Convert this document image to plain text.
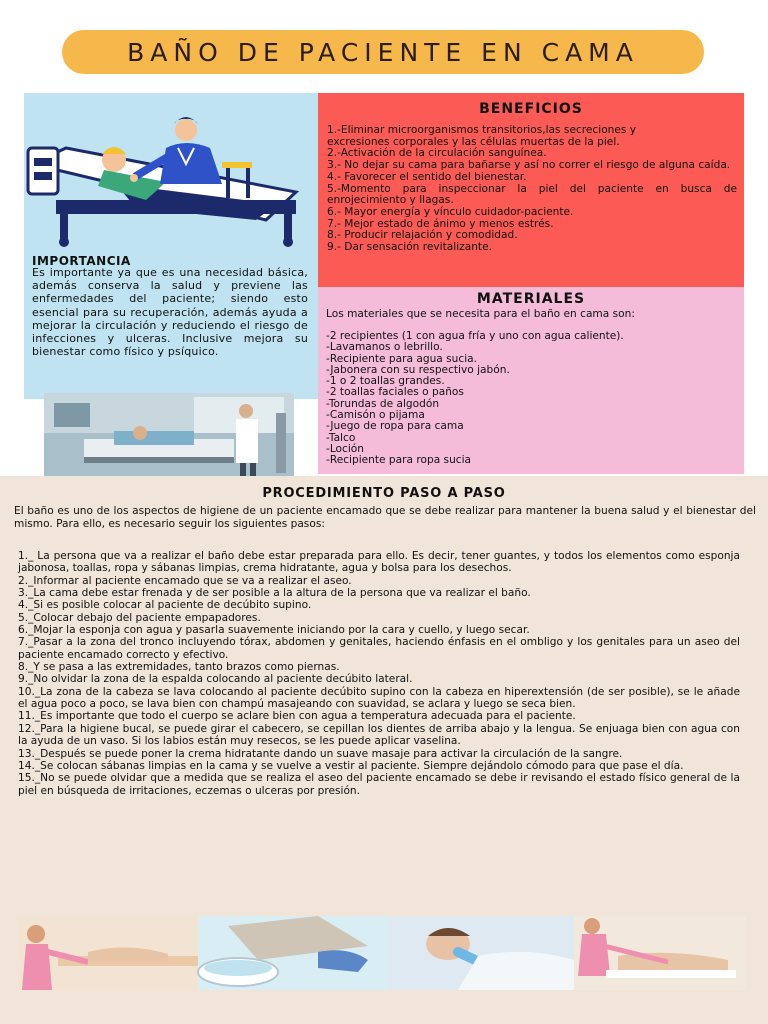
BAÑO DE PACIENTE EN CAMA
IMPORTANCIA
Es importante ya que es una necesidad básica, además conserva la salud y previene las enfermedades del paciente; siendo esto esencial para su recuperación, además ayuda a mejorar la circulación y reduciendo el riesgo de infecciones y ulceras. Inclusive mejora su bienestar como físico y psíquico.
BENEFICIOS
1.-Eliminar microorganismos transitorios,las secreciones y
excresiones corporales y las células muertas de la piel.
2.-Activación de la circulación sanguínea.
3.- No dejar su cama para bañarse y así no correr el riesgo de alguna caída.
4.- Favorecer el sentido del bienestar.
5.-Momento para inspeccionar la piel del paciente en busca de enrojecimiento y llagas.
6.- Mayor energía y vínculo cuidador-paciente.
7.- Mejor estado de ánimo y menos estrés.
8.- Producir relajación y comodidad.
9.- Dar sensación revitalizante.
MATERIALES
Los materiales que se necesita para el baño en cama son:
-2 recipientes (1 con agua fría y uno con agua caliente).
-Lavamanos o lebrillo.
-Recipiente para agua sucia.
-Jabonera con su respectivo jabón.
-1 o 2 toallas grandes.
-2 toallas faciales o paños
-Torundas de algodón
-Camisón o pijama
-Juego de ropa para cama
-Talco
-Loción
-Recipiente para ropa sucia
PROCEDIMIENTO PASO A PASO
El baño es uno de los aspectos de higiene de un paciente encamado que se debe realizar para mantener la buena salud y el bienestar del mismo. Para ello, es necesario seguir los siguientes pasos:
1._ La persona que va a realizar el baño debe estar preparada para ello. Es decir, tener guantes, y todos los elementos como esponja jabonosa, toallas, ropa y sábanas limpias, crema hidratante, agua y bolsa para los desechos.
2._Informar al paciente encamado que se va a realizar el aseo.
3._La cama debe estar frenada y de ser posible a la altura de la persona que va realizar el baño.
4._Si es posible colocar al paciente de decúbito supino.
5._Colocar debajo del paciente empapadores.
6._Mojar la esponja con agua y pasarla suavemente iniciando por la cara y cuello, y luego secar.
7._Pasar a la zona del tronco incluyendo tórax, abdomen y genitales, haciendo énfasis en el ombligo y los genitales para un aseo del paciente encamado correcto y efectivo.
8._Y se pasa a las extremidades, tanto brazos como piernas.
9._No olvidar la zona de la espalda colocando al paciente decúbito lateral.
10._La zona de la cabeza se lava colocando al paciente decúbito supino con la cabeza en hiperextensión (de ser posible), se le añade el agua poco a poco, se lava bien con champú masajeando con suavidad, se aclara y luego se seca bien.
11._Es importante que todo el cuerpo se aclare bien con agua a temperatura adecuada para el paciente.
12._Para la higiene bucal, se puede girar el cabecero, se cepillan los dientes de arriba abajo y la lengua. Se enjuaga bien con agua con la ayuda de un vaso. Si los labios están muy resecos, se les puede aplicar vaselina.
13._Después se puede poner la crema hidratante dando un suave masaje para activar la circulación de la sangre.
14._Se colocan sábanas limpias en la cama y se vuelve a vestir al paciente. Siempre dejándolo cómodo para que pase el día.
15._No se puede olvidar que a medida que se realiza el aseo del paciente encamado se debe ir revisando el estado físico general de la piel en búsqueda de irritaciones, eczemas o ulceras por presión.
